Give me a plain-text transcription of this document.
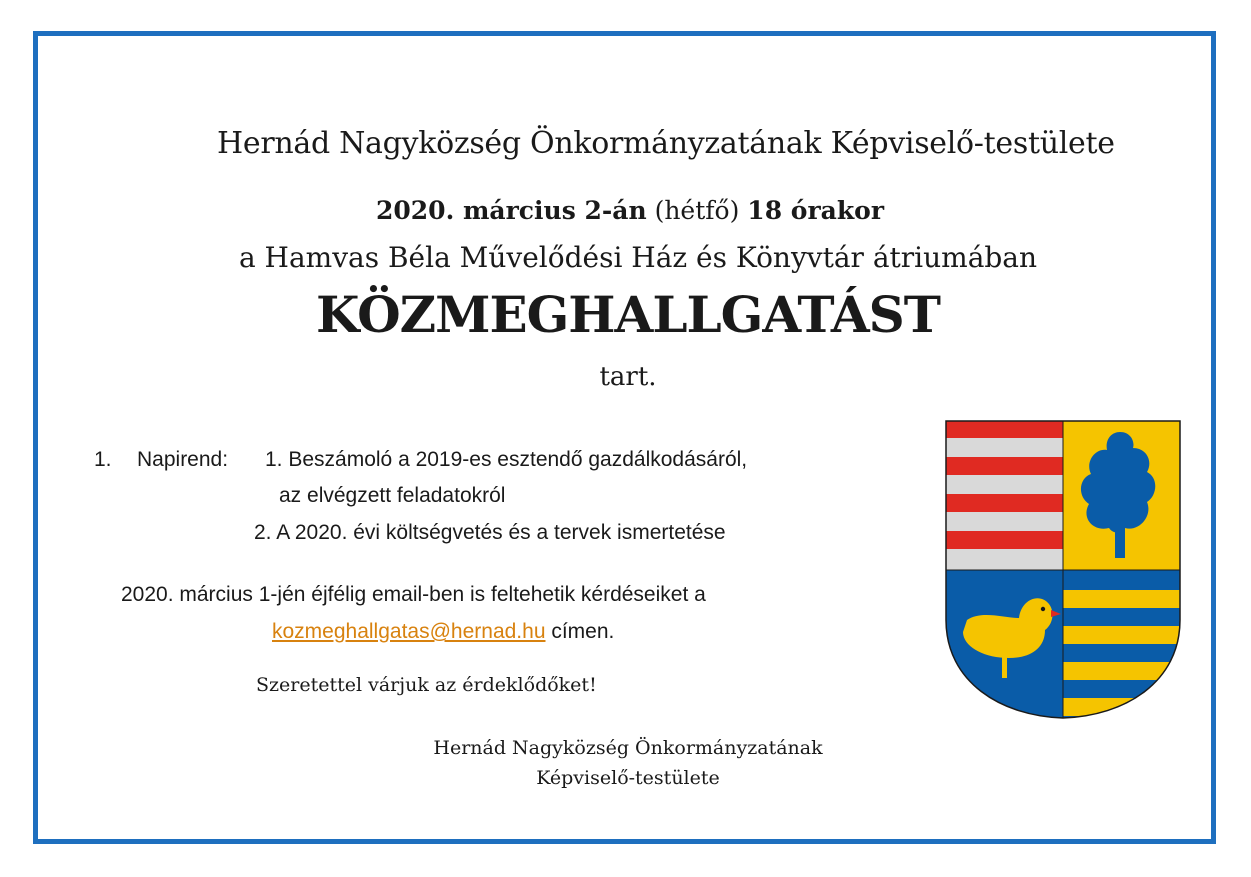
Hernád Nagyközség Önkormányzatának Képviselő-testülete
2020. március 2-án (hétfő) 18 órakor
a Hamvas Béla Művelődési Ház és Könyvtár átriumában
KÖZMEGHALLGATÁST
tart.
1. Napirend: 1. Beszámoló a 2019-es esztendő gazdálkodásáról,
az elvégzett feladatokról
2. A 2020. évi költségvetés és a tervek ismertetése
2020. március 1-jén éjfélig email-ben is feltehetik kérdéseiket a
kozmeghallgatas@hernad.hu címen.
Szeretettel várjuk az érdeklődőket!
Hernád Nagyközség Önkormányzatának
Képviselő-testülete
